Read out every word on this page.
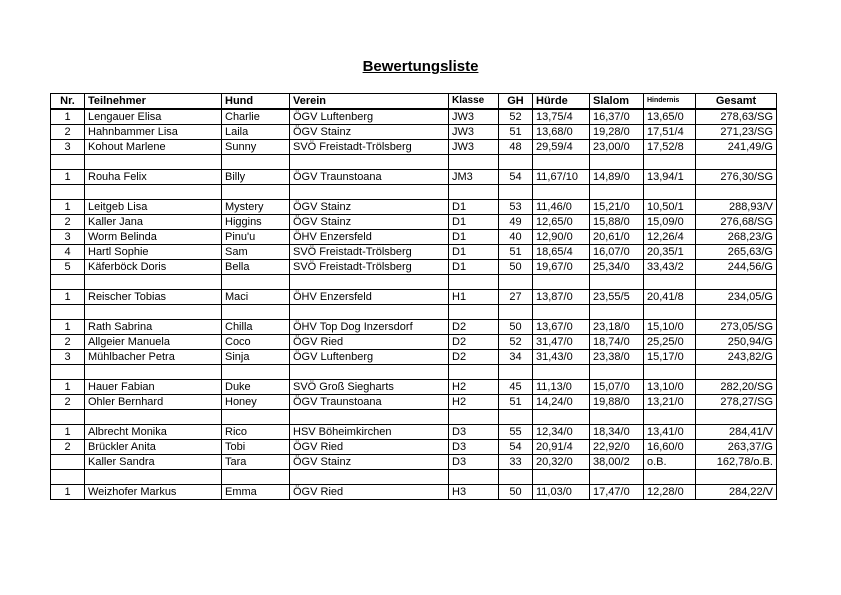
Bewertungsliste
Nr.	Teilnehmer	Hund	Verein	Klasse	GH	Hürde	Slalom	Hindernis	Gesamt
1	Lengauer Elisa	Charlie	ÖGV Luftenberg	JW3	52	13,75/4	16,37/0	13,65/0	278,63/SG
2	Hahnbammer Lisa	Laila	ÖGV Stainz	JW3	51	13,68/0	19,28/0	17,51/4	271,23/SG
3	Kohout Marlene	Sunny	SVÖ Freistadt-Trölsberg	JW3	48	29,59/4	23,00/0	17,52/8	241,49/G

1	Rouha Felix	Billy	ÖGV Traunstoana	JM3	54	11,67/10	14,89/0	13,94/1	276,30/SG

1	Leitgeb Lisa	Mystery	ÖGV Stainz	D1	53	11,46/0	15,21/0	10,50/1	288,93/V
2	Kaller Jana	Higgins	ÖGV Stainz	D1	49	12,65/0	15,88/0	15,09/0	276,68/SG
3	Worm Belinda	Pinu'u	ÖHV Enzersfeld	D1	40	12,90/0	20,61/0	12,26/4	268,23/G
4	Hartl Sophie	Sam	SVÖ Freistadt-Trölsberg	D1	51	18,65/4	16,07/0	20,35/1	265,63/G
5	Käferböck Doris	Bella	SVÖ Freistadt-Trölsberg	D1	50	19,67/0	25,34/0	33,43/2	244,56/G

1	Reischer Tobias	Maci	ÖHV Enzersfeld	H1	27	13,87/0	23,55/5	20,41/8	234,05/G

1	Rath Sabrina	Chilla	ÖHV Top Dog Inzersdorf	D2	50	13,67/0	23,18/0	15,10/0	273,05/SG
2	Allgeier Manuela	Coco	ÖGV Ried	D2	52	31,47/0	18,74/0	25,25/0	250,94/G
3	Mühlbacher Petra	Sinja	ÖGV Luftenberg	D2	34	31,43/0	23,38/0	15,17/0	243,82/G

1	Hauer Fabian	Duke	SVÖ Groß Siegharts	H2	45	11,13/0	15,07/0	13,10/0	282,20/SG
2	Ohler Bernhard	Honey	ÖGV Traunstoana	H2	51	14,24/0	19,88/0	13,21/0	278,27/SG

1	Albrecht Monika	Rico	HSV Böheimkirchen	D3	55	12,34/0	18,34/0	13,41/0	284,41/V
2	Brückler Anita	Tobi	ÖGV Ried	D3	54	20,91/4	22,92/0	16,60/0	263,37/G
	Kaller Sandra	Tara	ÖGV Stainz	D3	33	20,32/0	38,00/2	o.B.	162,78/o.B.

1	Weizhofer Markus	Emma	ÖGV Ried	H3	50	11,03/0	17,47/0	12,28/0	284,22/V
